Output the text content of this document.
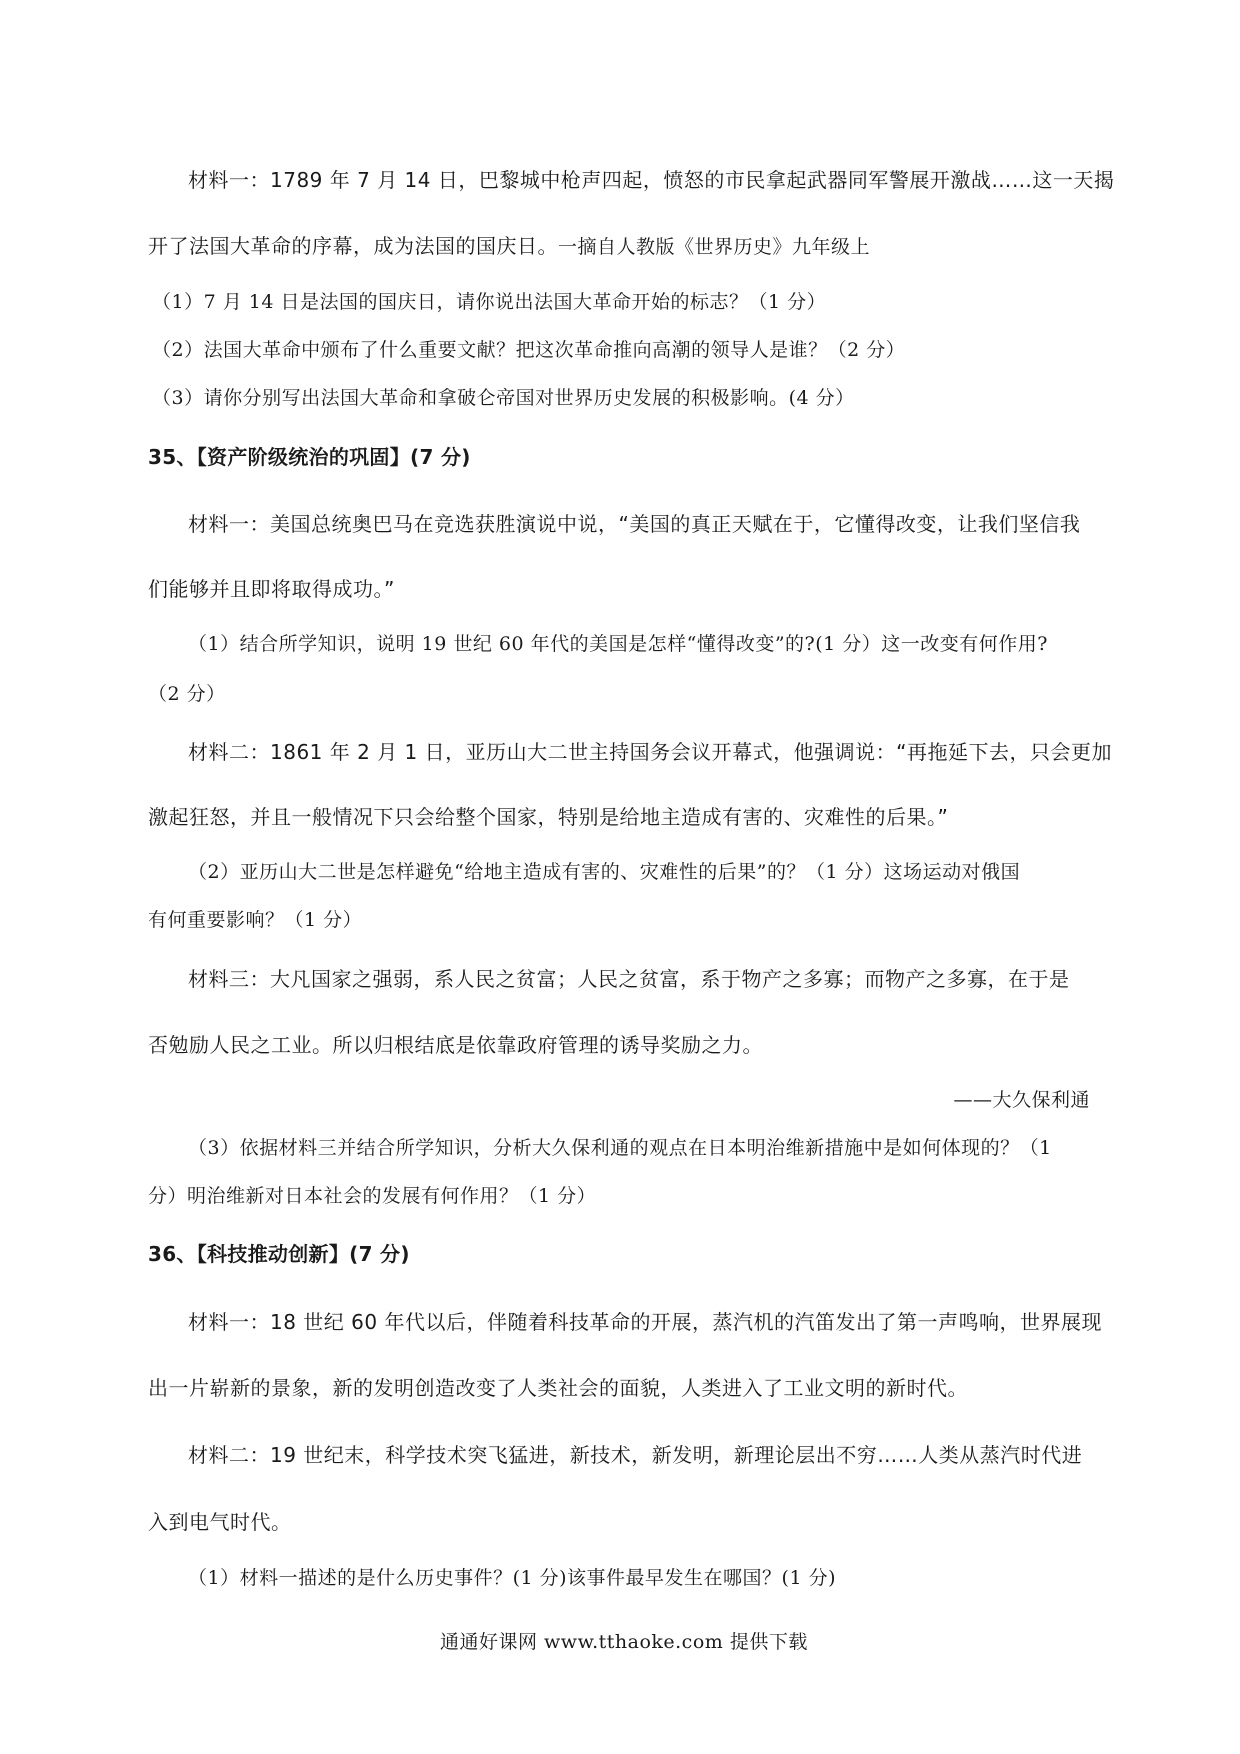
材料一：1789 年 7 月 14 日，巴黎城中枪声四起，愤怒的市民拿起武器同军警展开激战……这一天揭
开了法国大革命的序幕，成为法国的国庆日。一摘自人教版《世界历史》九年级上
（1）7 月 14 日是法国的国庆日，请你说出法国大革命开始的标志？（1 分）
（2）法国大革命中颁布了什么重要文献？把这次革命推向高潮的领导人是谁？（2 分）
（3）请你分别写出法国大革命和拿破仑帝国对世界历史发展的积极影响。(4 分）
35、【资产阶级统治的巩固】(7 分)
材料一：美国总统奥巴马在竞选获胜演说中说，“美国的真正天赋在于，它懂得改变，让我们坚信我
们能够并且即将取得成功。”
（1）结合所学知识，说明 19 世纪 60 年代的美国是怎样“懂得改变”的?(1 分）这一改变有何作用?
（2 分）
材料二：1861 年 2 月 1 日，亚历山大二世主持国务会议开幕式，他强调说：“再拖延下去，只会更加
激起狂怒，并且一般情况下只会给整个国家，特别是给地主造成有害的、灾难性的后果。”
（2）亚历山大二世是怎样避免“给地主造成有害的、灾难性的后果”的？（1 分）这场运动对俄国
有何重要影响？（1 分）
材料三：大凡国家之强弱，系人民之贫富；人民之贫富，系于物产之多寡；而物产之多寡，在于是
否勉励人民之工业。所以归根结底是依靠政府管理的诱导奖励之力。
——大久保利通
（3）依据材料三并结合所学知识，分析大久保利通的观点在日本明治维新措施中是如何体现的？（1
分）明治维新对日本社会的发展有何作用？（1 分）
36、【科技推动创新】(7 分)
材料一：18 世纪 60 年代以后，伴随着科技革命的开展，蒸汽机的汽笛发出了第一声鸣响，世界展现
出一片崭新的景象，新的发明创造改变了人类社会的面貌，人类进入了工业文明的新时代。
材料二：19 世纪末，科学技术突飞猛进，新技术，新发明，新理论层出不穷……人类从蒸汽时代进
入到电气时代。
（1）材料一描述的是什么历史事件？(1 分)该事件最早发生在哪国？(1 分)
通通好课网 www.tthaoke.com 提供下载
